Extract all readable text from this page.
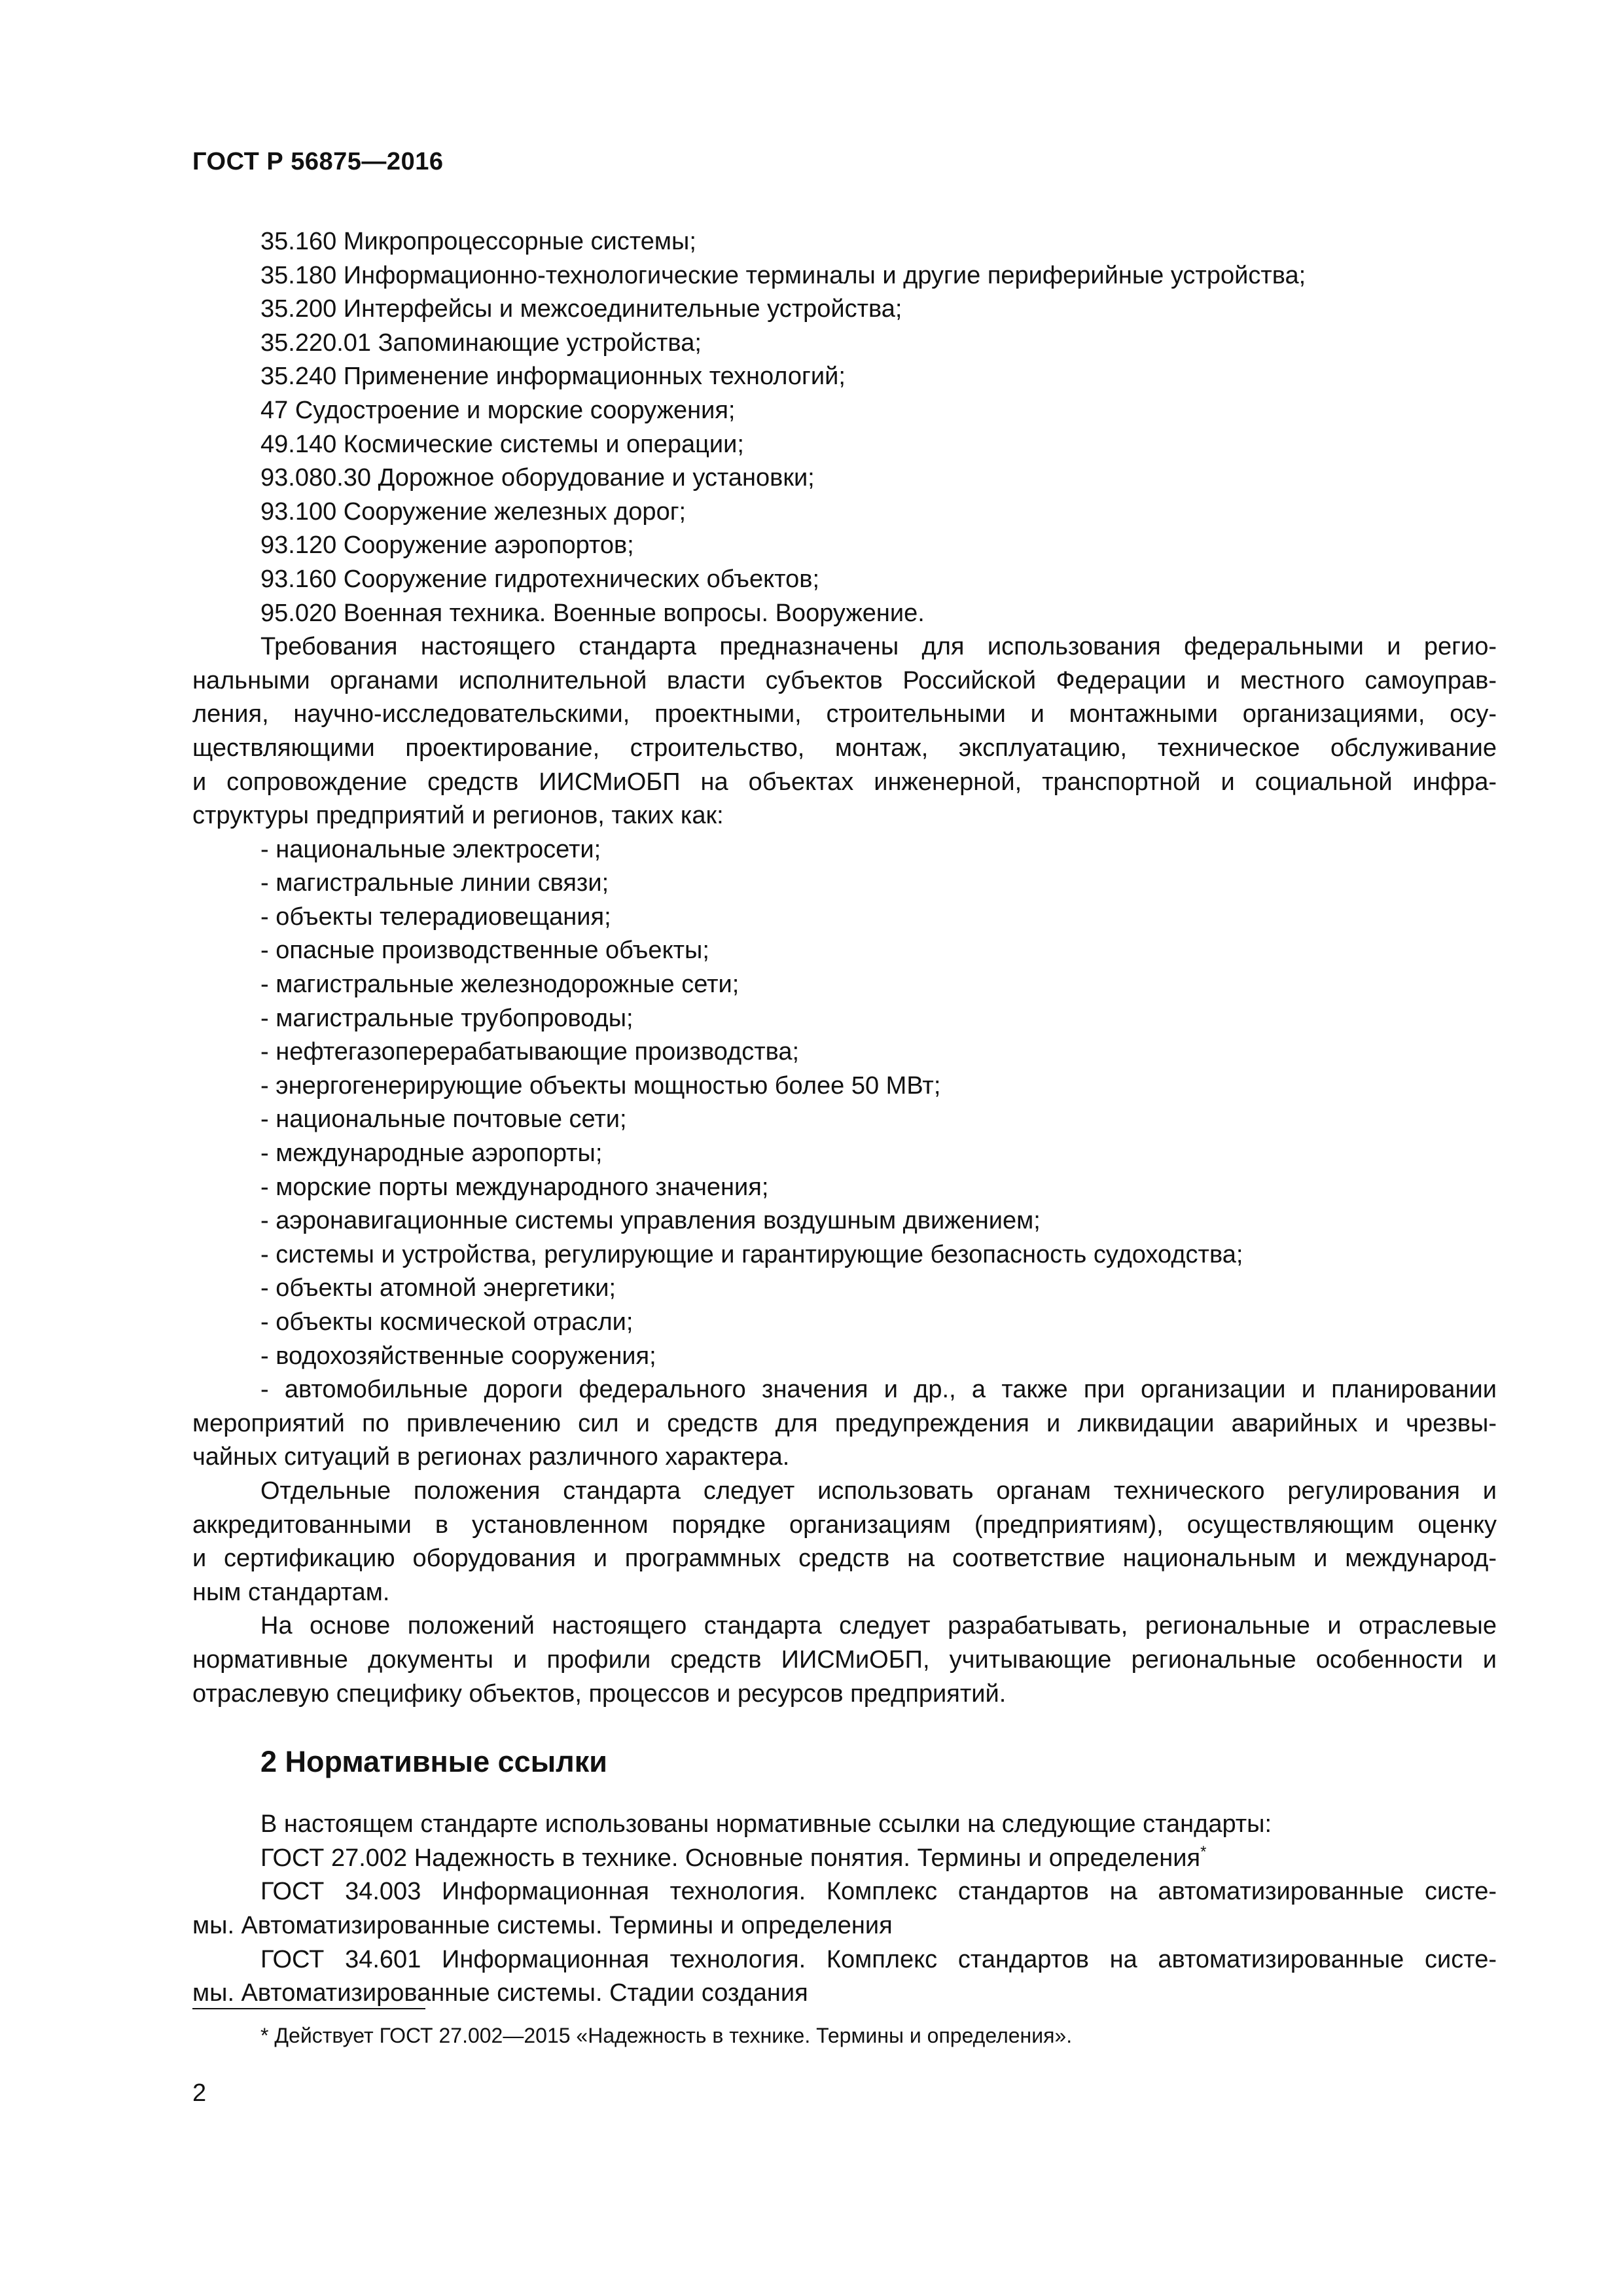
ГОСТ Р 56875—2016
35.160 Микропроцессорные системы;
35.180 Информационно-технологические терминалы и другие периферийные устройства;
35.200 Интерфейсы и межсоединительные устройства;
35.220.01 Запоминающие устройства;
35.240 Применение информационных технологий;
47 Судостроение и морские сооружения;
49.140 Космические системы и операции;
93.080.30 Дорожное оборудование и установки;
93.100 Сооружение железных дорог;
93.120 Сооружение аэропортов;
93.160 Сооружение гидротехнических объектов;
95.020 Военная техника. Военные вопросы. Вооружение.
Требования настоящего стандарта предназначены для использования федеральными и регио-
нальными органами исполнительной власти субъектов Российской Федерации и местного самоуправ-
ления, научно-исследовательскими, проектными, строительными и монтажными организациями, осу-
ществляющими проектирование, строительство, монтаж, эксплуатацию, техническое обслуживание
и сопровождение средств ИИСМиОБП на объектах инженерной, транспортной и социальной инфра-
структуры предприятий и регионов, таких как:
- национальные электросети;
- магистральные линии связи;
- объекты телерадиовещания;
- опасные производственные объекты;
- магистральные железнодорожные сети;
- магистральные трубопроводы;
- нефтегазоперерабатывающие производства;
- энергогенерирующие объекты мощностью более 50 МВт;
- национальные почтовые сети;
- международные аэропорты;
- морские порты международного значения;
- аэронавигационные системы управления воздушным движением;
- системы и устройства, регулирующие и гарантирующие безопасность судоходства;
- объекты атомной энергетики;
- объекты космической отрасли;
- водохозяйственные сооружения;
- автомобильные дороги федерального значения и др., а также при организации и планировании
мероприятий по привлечению сил и средств для предупреждения и ликвидации аварийных и чрезвы-
чайных ситуаций в регионах различного характера.
Отдельные положения стандарта следует использовать органам технического регулирования и
аккредитованными в установленном порядке организациям (предприятиям), осуществляющим оценку
и сертификацию оборудования и программных средств на соответствие национальным и международ-
ным стандартам.
На основе положений настоящего стандарта следует разрабатывать, региональные и отраслевые
нормативные документы и профили средств ИИСМиОБП, учитывающие региональные особенности и
отраслевую специфику объектов, процессов и ресурсов предприятий.
2 Нормативные ссылки
В настоящем стандарте использованы нормативные ссылки на следующие стандарты:
ГОСТ 27.002 Надежность в технике. Основные понятия. Термины и определения*
ГОСТ 34.003 Информационная технология. Комплекс стандартов на автоматизированные систе-
мы. Автоматизированные системы. Термины и определения
ГОСТ 34.601 Информационная технология. Комплекс стандартов на автоматизированные систе-
мы. Автоматизированные системы. Стадии создания
* Действует ГОСТ 27.002—2015 «Надежность в технике. Термины и определения».
2
